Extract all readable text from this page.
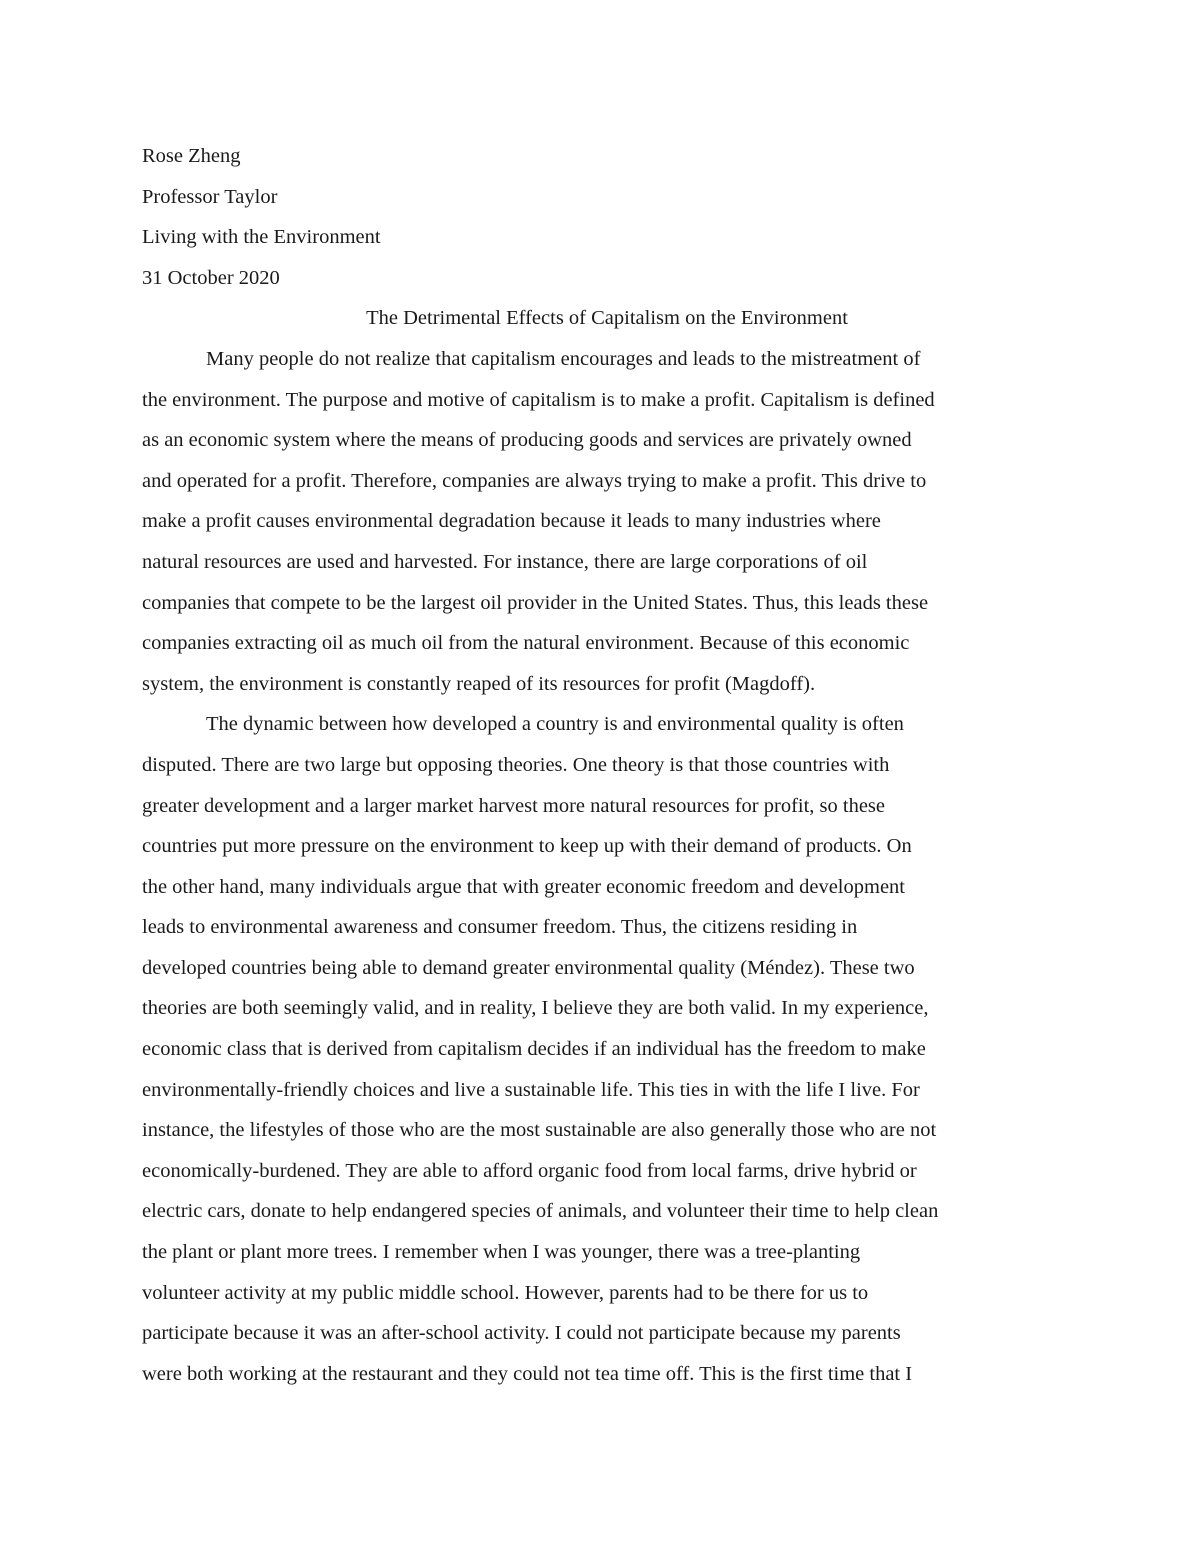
Rose Zheng
Professor Taylor
Living with the Environment
31 October 2020
The Detrimental Effects of Capitalism on the Environment
Many people do not realize that capitalism encourages and leads to the mistreatment of
the environment. The purpose and motive of capitalism is to make a profit. Capitalism is defined
as an economic system where the means of producing goods and services are privately owned
and operated for a profit. Therefore, companies are always trying to make a profit. This drive to
make a profit causes environmental degradation because it leads to many industries where
natural resources are used and harvested. For instance, there are large corporations of oil
companies that compete to be the largest oil provider in the United States. Thus, this leads these
companies extracting oil as much oil from the natural environment. Because of this economic
system, the environment is constantly reaped of its resources for profit (Magdoff).
The dynamic between how developed a country is and environmental quality is often
disputed. There are two large but opposing theories. One theory is that those countries with
greater development and a larger market harvest more natural resources for profit, so these
countries put more pressure on the environment to keep up with their demand of products. On
the other hand, many individuals argue that with greater economic freedom and development
leads to environmental awareness and consumer freedom. Thus, the citizens residing in
developed countries being able to demand greater environmental quality (Méndez). These two
theories are both seemingly valid, and in reality, I believe they are both valid. In my experience,
economic class that is derived from capitalism decides if an individual has the freedom to make
environmentally-friendly choices and live a sustainable life. This ties in with the life I live. For
instance, the lifestyles of those who are the most sustainable are also generally those who are not
economically-burdened. They are able to afford organic food from local farms, drive hybrid or
electric cars, donate to help endangered species of animals, and volunteer their time to help clean
the plant or plant more trees. I remember when I was younger, there was a tree-planting
volunteer activity at my public middle school. However, parents had to be there for us to
participate because it was an after-school activity. I could not participate because my parents
were both working at the restaurant and they could not tea time off. This is the first time that I
